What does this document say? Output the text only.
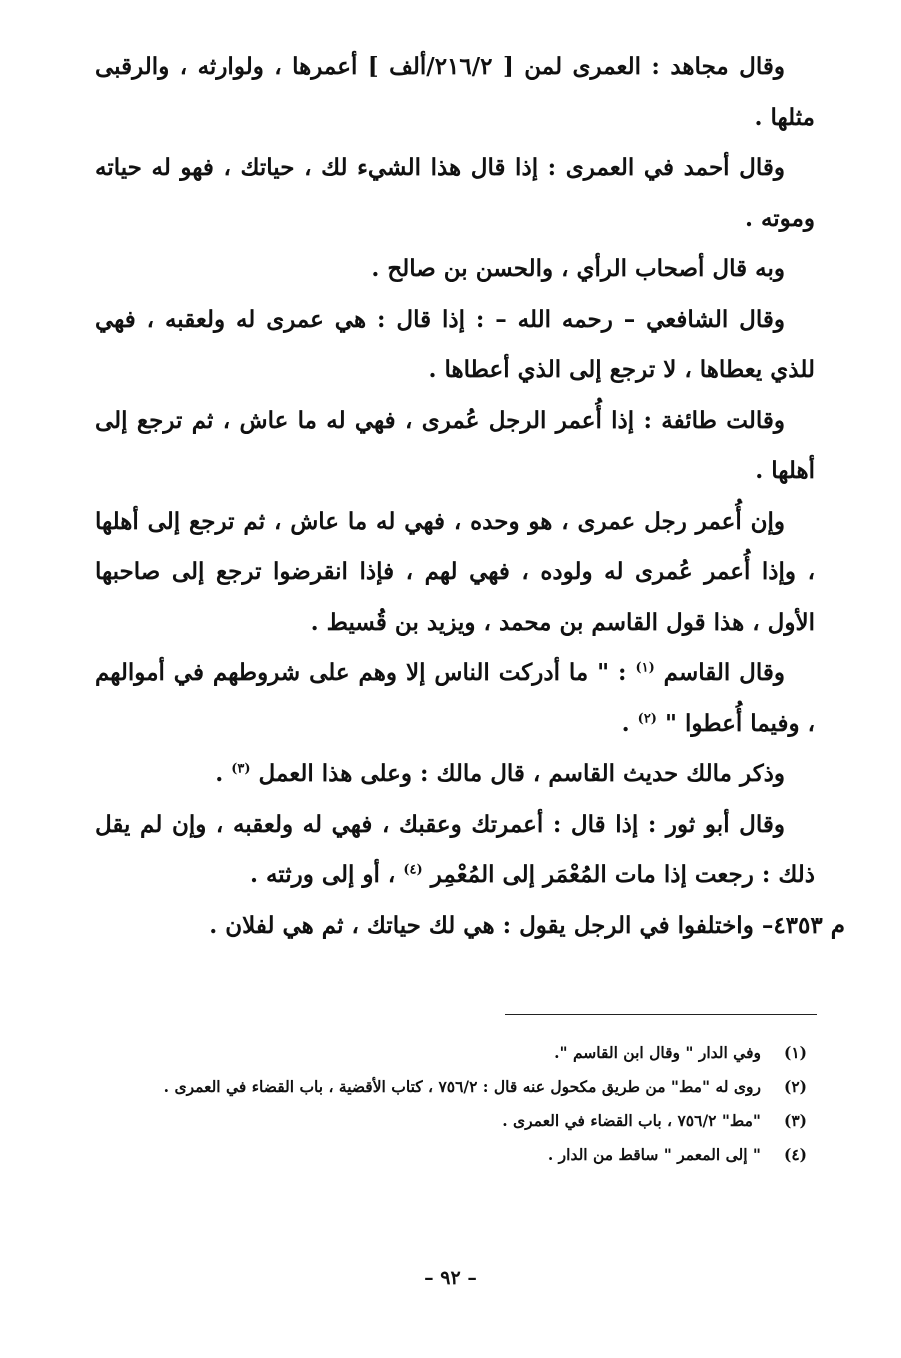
وقال مجاهد : العمرى لمن [ ٢١٦/٢/ألف ] أعمرها ، ولوارثه ، والرقبى مثلها .

وقال أحمد في العمرى : إذا قال هذا الشيء لك ، حياتك ، فهو له حياته وموته .

وبه قال أصحاب الرأي ، والحسن بن صالح .

وقال الشافعي – رحمه الله – : إذا قال : هي عمرى له ولعقبه ، فهي للذي يعطاها ، لا ترجع إلى الذي أعطاها .

وقالت طائفة : إذا أُعمر الرجل عُمرى ، فهي له ما عاش ، ثم ترجع إلى أهلها .

وإن أُعمر رجل عمرى ، هو وحده ، فهي له ما عاش ، ثم ترجع إلى أهلها ، وإذا أُعمر عُمرى له ولوده ، فهي لهم ، فإذا انقرضوا ترجع إلى صاحبها الأول ، هذا قول القاسم بن محمد ، ويزيد بن قُسيط .

وقال القاسم $^{(١)}$ : " ما أدركت الناس إلا وهم على شروطهم في أموالهم ، وفيما أُعطوا " $^{(٢)}$ .

وذكر مالك حديث القاسم ، قال مالك : وعلى هذا العمل $^{(٣)}$ .

وقال أبو ثور : إذا قال : أعمرتك وعقبك ، فهي له ولعقبه ، وإن لم يقل ذلك : رجعت إذا مات المُعْمَر إلى المُعْمِر $^{(٤)}$ ، أو إلى ورثته .

م ٤٣٥٣– واختلفوا في الرجل يقول : هي لك حياتك ، ثم هي لفلان .

(١)
وفي الدار " وقال ابن القاسم ".
(٢)
روى له "مط" من طريق مكحول عنه قال : ٧٥٦/٢ ، كتاب الأقضية ، باب القضاء في العمرى .
(٣)
"مط" ٧٥٦/٢ ، باب القضاء في العمرى .
(٤)
" إلى المعمر " ساقط من الدار .
– ٩٢ –
